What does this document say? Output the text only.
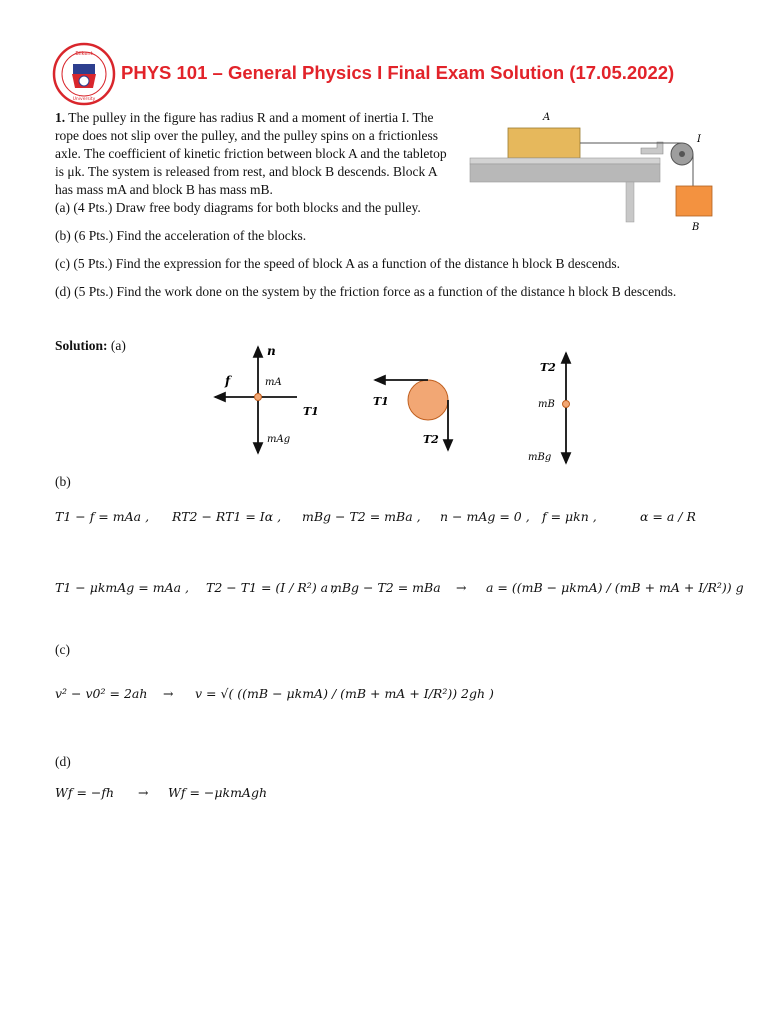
Bilkent
University
PHYS 101 – General Physics I Final Exam Solution (17.05.2022)
1. The pulley in the figure has radius R and a moment of inertia I. The
rope does not slip over the pulley, and the pulley spins on a frictionless
axle. The coefficient of kinetic friction between block A and the tabletop
is μk. The system is released from rest, and block B descends. Block A
has mass mA and block B has mass mB.
(a) (4 Pts.) Draw free body diagrams for both blocks and the pulley.
(b) (6 Pts.) Find the acceleration of the blocks.
(c) (5 Pts.) Find the expression for the speed of block A as a function of the distance h block B descends.
(d) (5 Pts.) Find the work done on the system by the friction force as a function of the distance h block B descends.
A
I
B
Solution: (a)	n
f	mA
T1
mAg
T1
T2
T2
mB
mBg
(b)
T1 − f = mAa , RT2 − RT1 = Iα , mBg − T2 = mBa , n − mAg = 0 , f = μkn ,	α = a / R
T1 − μkmAg = mAa , T2 − T1 = (I / R²) a ,
mBg − T2 = mBa → a = ((mB − μkmA) / (mB + mA + I/R²)) g
(c)
v² − v0² = 2ah → v = √( ((mB − μkmA) / (mB + mA + I/R²)) 2gh )
(d)
Wf = −fh → Wf = −μkmAgh
